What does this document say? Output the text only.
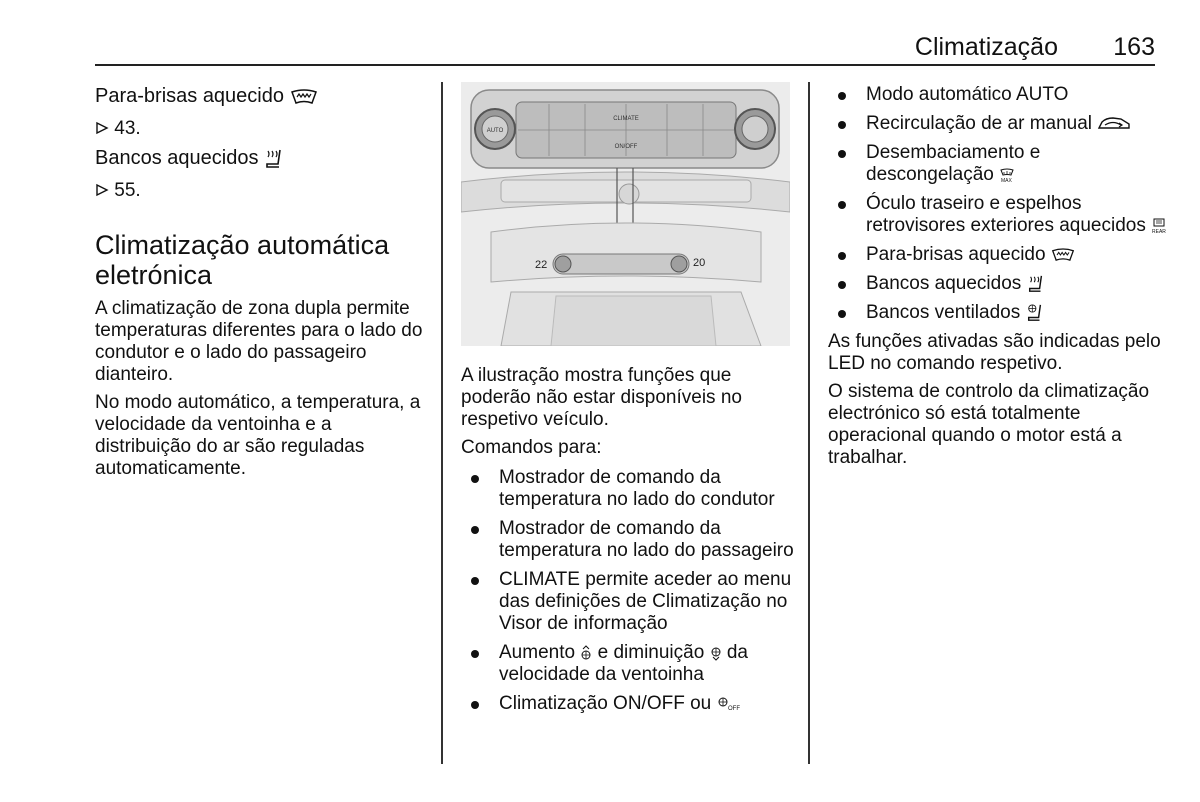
Climatização 163
Para-brisas aquecido

43.

Bancos aquecidos

55.

Climatização automática eletrónica

A climatização de zona dupla permite temperaturas diferentes para o lado do condutor e o lado do passageiro dianteiro.

No modo automático, a temperatura, a velocidade da ventoinha e a distribuição do ar são reguladas automaticamente.

AUTO
CLIMATE
ON/OFF
22	20

A ilustração mostra funções que poderão não estar disponíveis no respetivo veículo.

Comandos para:

Mostrador de comando da temperatura no lado do condutor
Mostrador de comando da temperatura no lado do passageiro
CLIMATE permite aceder ao menu das definições de Climatização no Visor de informação
Aumento  e diminuição  da velocidade da ventoinha
Climatização ON/OFF ou OFF
Modo automático AUTO
Recirculação de ar manual
Desembaciamento e descongelação MAX
Óculo traseiro e espelhos retrovisores exteriores aquecidos REAR
Para-brisas aquecido
Bancos aquecidos
Bancos ventilados

As funções ativadas são indicadas pelo LED no comando respetivo.

O sistema de controlo da climatização electrónico só está totalmente operacional quando o motor está a trabalhar.
